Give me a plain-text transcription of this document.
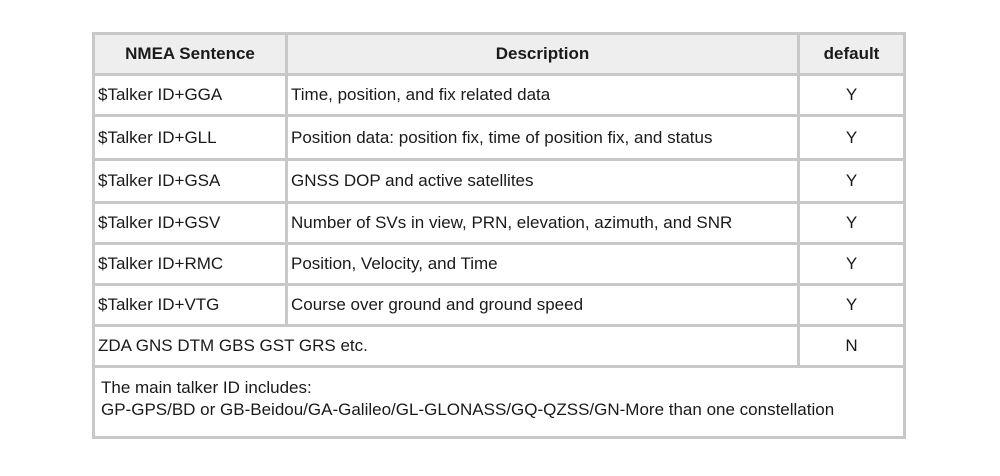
NMEA Sentence	Description	default
$Talker ID+GGA	Time, position, and fix related data	Y
$Talker ID+GLL	Position data: position fix, time of position fix, and status	Y
$Talker ID+GSA	GNSS DOP and active satellites	Y
$Talker ID+GSV	Number of SVs in view, PRN, elevation, azimuth, and SNR	Y
$Talker ID+RMC	Position, Velocity, and Time	Y
$Talker ID+VTG	Course over ground and ground speed	Y
ZDA GNS DTM GBS GST GRS etc.	N
The main talker ID includes:
GP-GPS/BD or GB-Beidou/GA-Galileo/GL-GLONASS/GQ-QZSS/GN-More than one constellation
